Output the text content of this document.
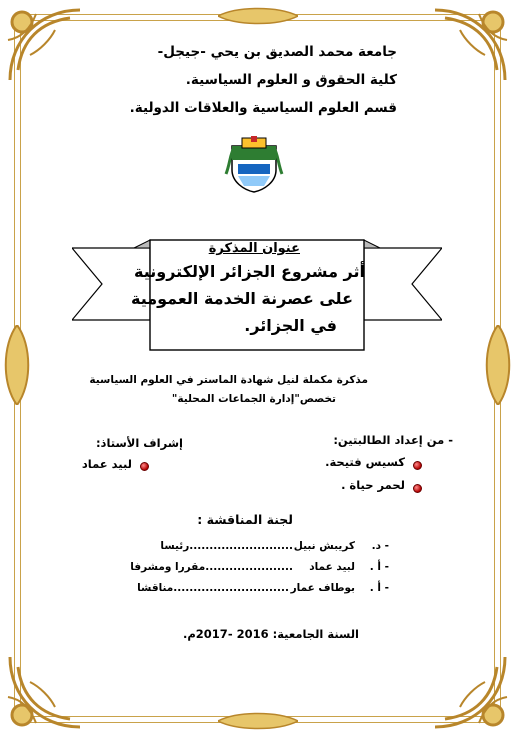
جامعة محمد الصديق بن يحي -جيجل-
كلية الحقوق و العلوم السياسية.
قسم العلوم السياسية والعلاقات الدولية.
عنوان المذكرة
أثر مشروع الجزائر الإلكترونية
على عصرنة الخدمة العمومية
في الجزائر.
مذكرة مكملة لنيل شهادة الماستر في العلوم السياسية
تخصص"إدارة الجماعات المحلية"
- من إعداد الطالبتين:
كسيس فتيحة.
لحمر حياة .
إشراف الأستاذ:
لبيد عماد
لجنة المناقشة :
- د.
كريبش نبيل
..........................رئيسا
- أ .
لبيد عماد
......................مقررا ومشرفا
- أ .
بوطاف عمار
.............................مناقشا
السنة الجامعية: 2016 -2017م.
